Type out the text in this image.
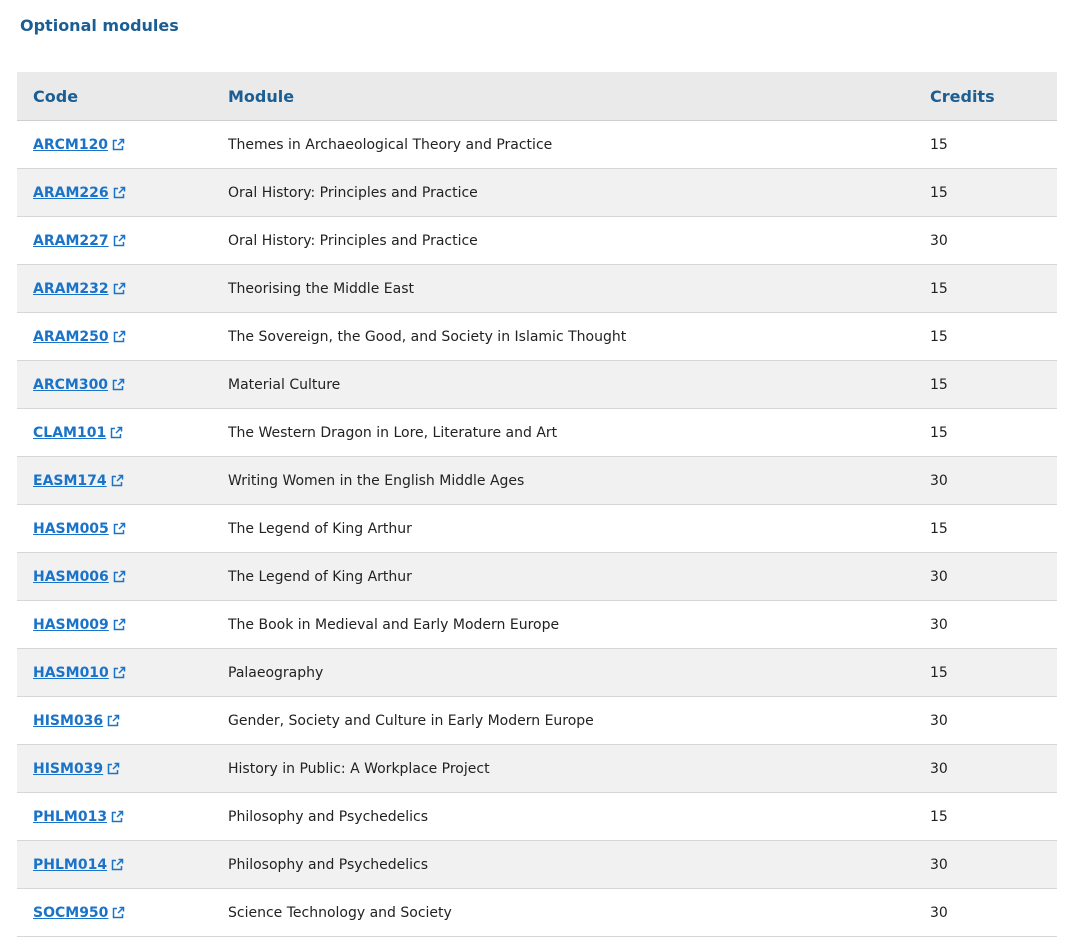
Optional modules
Code	Module	Credits

ARCM120	Themes in Archaeological Theory and Practice	15

ARAM226	Oral History: Principles and Practice	15

ARAM227	Oral History: Principles and Practice	30

ARAM232	Theorising the Middle East	15

ARAM250	The Sovereign, the Good, and Society in Islamic Thought	15

ARCM300	Material Culture	15

CLAM101	The Western Dragon in Lore, Literature and Art	15

EASM174	Writing Women in the English Middle Ages	30

HASM005	The Legend of King Arthur	15

HASM006	The Legend of King Arthur	30

HASM009	The Book in Medieval and Early Modern Europe	30

HASM010	Palaeography	15

HISM036	Gender, Society and Culture in Early Modern Europe	30

HISM039	History in Public: A Workplace Project	30

PHLM013	Philosophy and Psychedelics	15

PHLM014	Philosophy and Psychedelics	30

SOCM950	Science Technology and Society	30
